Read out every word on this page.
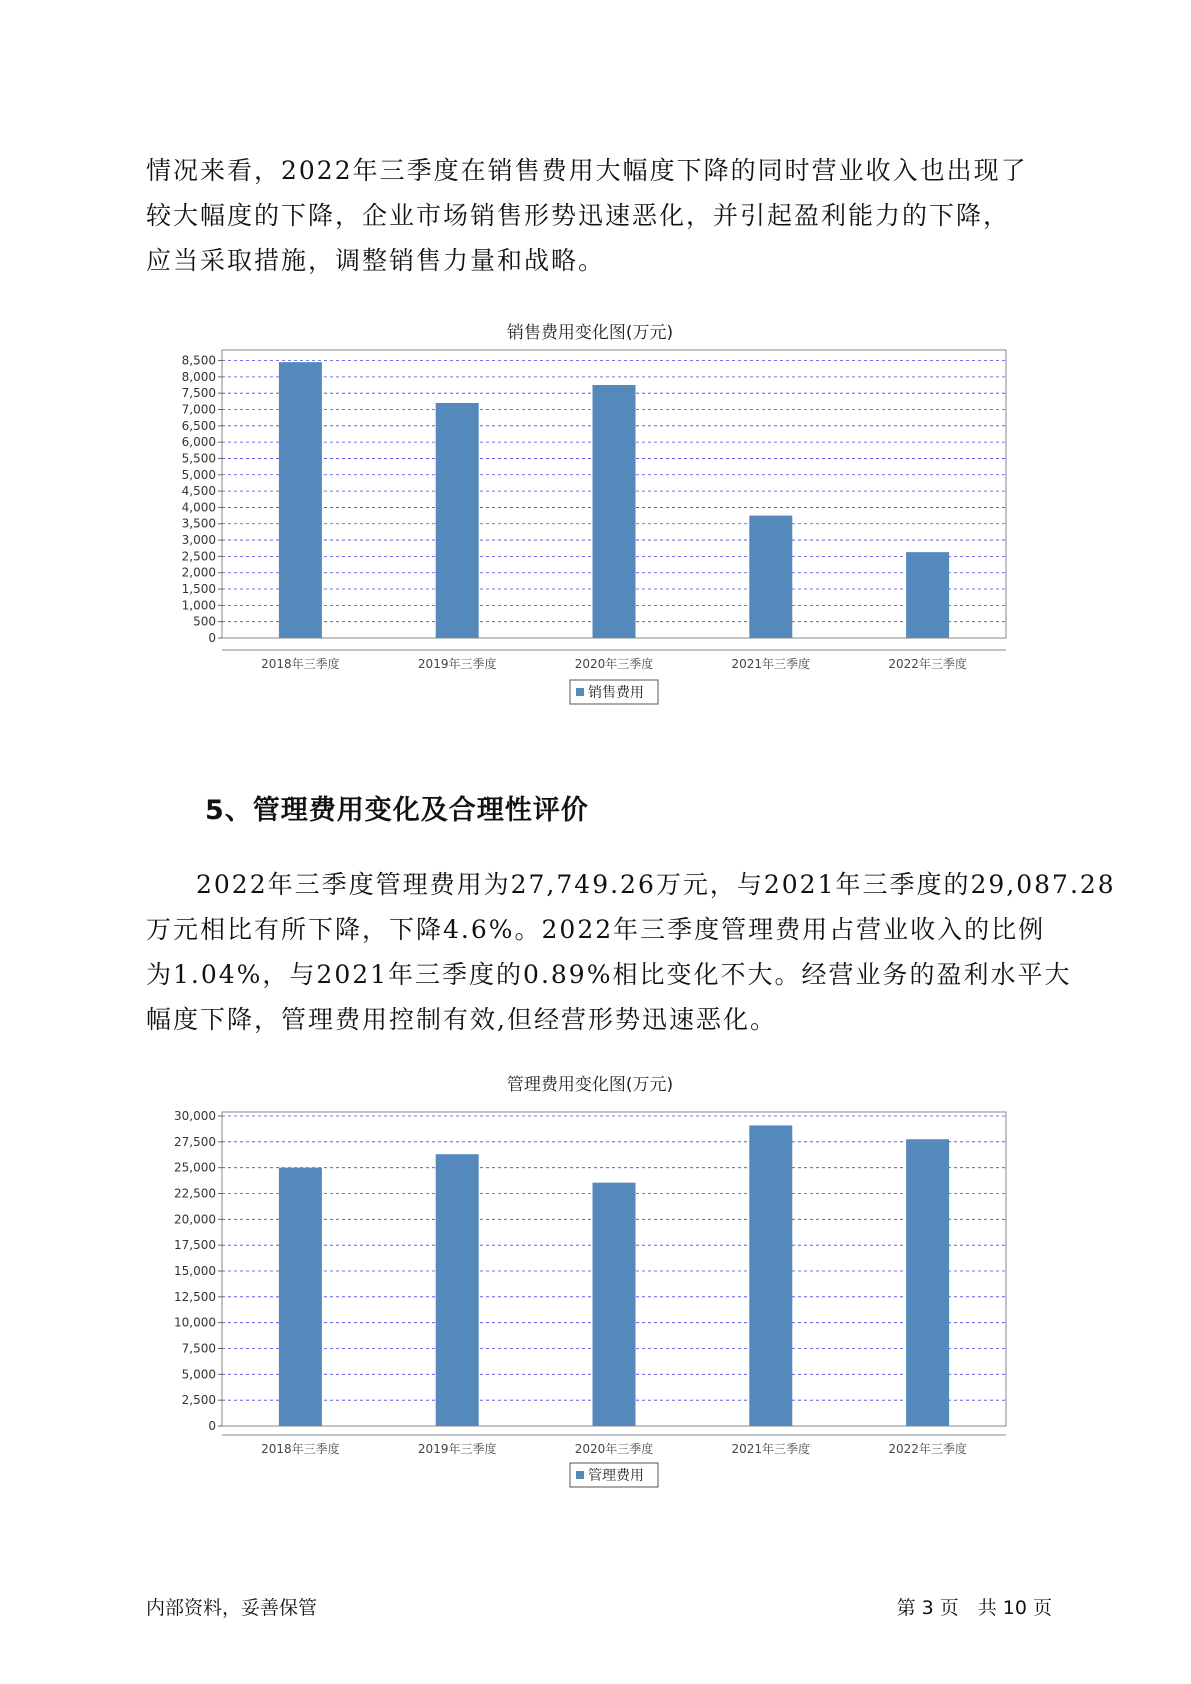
情况来看，2022年三季度在销售费用大幅度下降的同时营业收入也出现了
较大幅度的下降，企业市场销售形势迅速恶化，并引起盈利能力的下降，
应当采取措施，调整销售力量和战略。
销售费用变化图(万元)
0
500
1,000
1,500
2,000
2,500
3,000
3,500
4,000
4,500
5,000
5,500
6,000
6,500
7,000
7,500
8,000
8,500
2018年三季度	2019年三季度	2020年三季度	2021年三季度	2022年三季度
销售费用
5、管理费用变化及合理性评价
2022年三季度管理费用为27,749.26万元，与2021年三季度的29,087.28
万元相比有所下降，下降4.6%。2022年三季度管理费用占营业收入的比例
为1.04%，与2021年三季度的0.89%相比变化不大。经营业务的盈利水平大
幅度下降，管理费用控制有效,但经营形势迅速恶化。
管理费用变化图(万元)
0
2,500
5,000
7,500
10,000
12,500
15,000
17,500
20,000
22,500
25,000
27,500
30,000
2018年三季度	2019年三季度	2020年三季度	2021年三季度	2022年三季度
管理费用
内部资料，妥善保管	第 3 页　共 10 页
